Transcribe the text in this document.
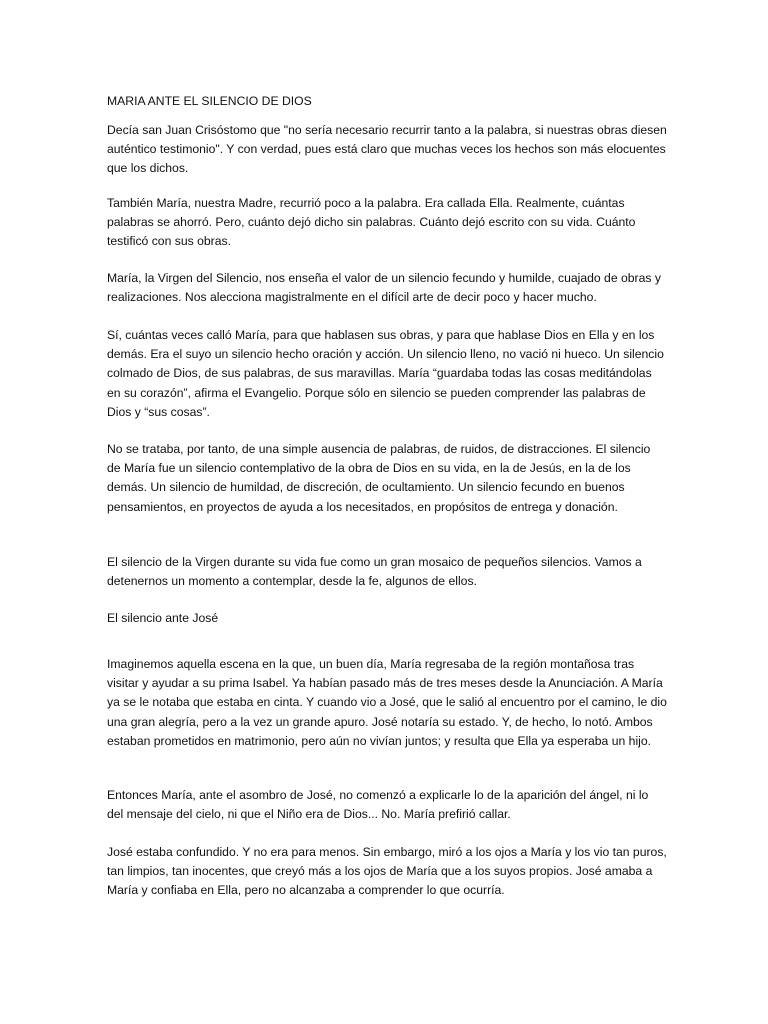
MARIA ANTE EL SILENCIO DE DIOS

Decía san Juan Crisóstomo que "no sería necesario recurrir tanto a la palabra, si nuestras obras diesen auténtico testimonio". Y con verdad, pues está claro que muchas veces los hechos son más elocuentes que los dichos.

También María, nuestra Madre, recurrió poco a la palabra. Era callada Ella. Realmente, cuántas palabras se ahorró. Pero, cuánto dejó dicho sin palabras. Cuánto dejó escrito con su vida. Cuánto testificó con sus obras.

María, la Virgen del Silencio, nos enseña el valor de un silencio fecundo y humilde, cuajado de obras y realizaciones. Nos alecciona magistralmente en el difícil arte de decir poco y hacer mucho.

Sí, cuántas veces calló María, para que hablasen sus obras, y para que hablase Dios en Ella y en los demás. Era el suyo un silencio hecho oración y acción. Un silencio lleno, no vació ni hueco. Un silencio colmado de Dios, de sus palabras, de sus maravillas. María “guardaba todas las cosas meditándolas en su corazón”, afirma el Evangelio. Porque sólo en silencio se pueden comprender las palabras de Dios y “sus cosas”.

No se trataba, por tanto, de una simple ausencia de palabras, de ruidos, de distracciones. El silencio de María fue un silencio contemplativo de la obra de Dios en su vida, en la de Jesús, en la de los demás. Un silencio de humildad, de discreción, de ocultamiento. Un silencio fecundo en buenos pensamientos, en proyectos de ayuda a los necesitados, en propósitos de entrega y donación.

El silencio de la Virgen durante su vida fue como un gran mosaico de pequeños silencios. Vamos a detenernos un momento a contemplar, desde la fe, algunos de ellos.

El silencio ante José

Imaginemos aquella escena en la que, un buen día, María regresaba de la región montañosa tras visitar y ayudar a su prima Isabel. Ya habían pasado más de tres meses desde la Anunciación. A María ya se le notaba que estaba en cinta. Y cuando vio a José, que le salió al encuentro por el camino, le dio una gran alegría, pero a la vez un grande apuro. José notaría su estado. Y, de hecho, lo notó. Ambos estaban prometidos en matrimonio, pero aún no vivían juntos; y resulta que Ella ya esperaba un hijo.

Entonces María, ante el asombro de José, no comenzó a explicarle lo de la aparición del ángel, ni lo del mensaje del cielo, ni que el Niño era de Dios... No. María prefirió callar.

José estaba confundido. Y no era para menos. Sin embargo, miró a los ojos a María y los vio tan puros, tan limpios, tan inocentes, que creyó más a los ojos de María que a los suyos propios. José amaba a María y confiaba en Ella, pero no alcanzaba a comprender lo que ocurría.
